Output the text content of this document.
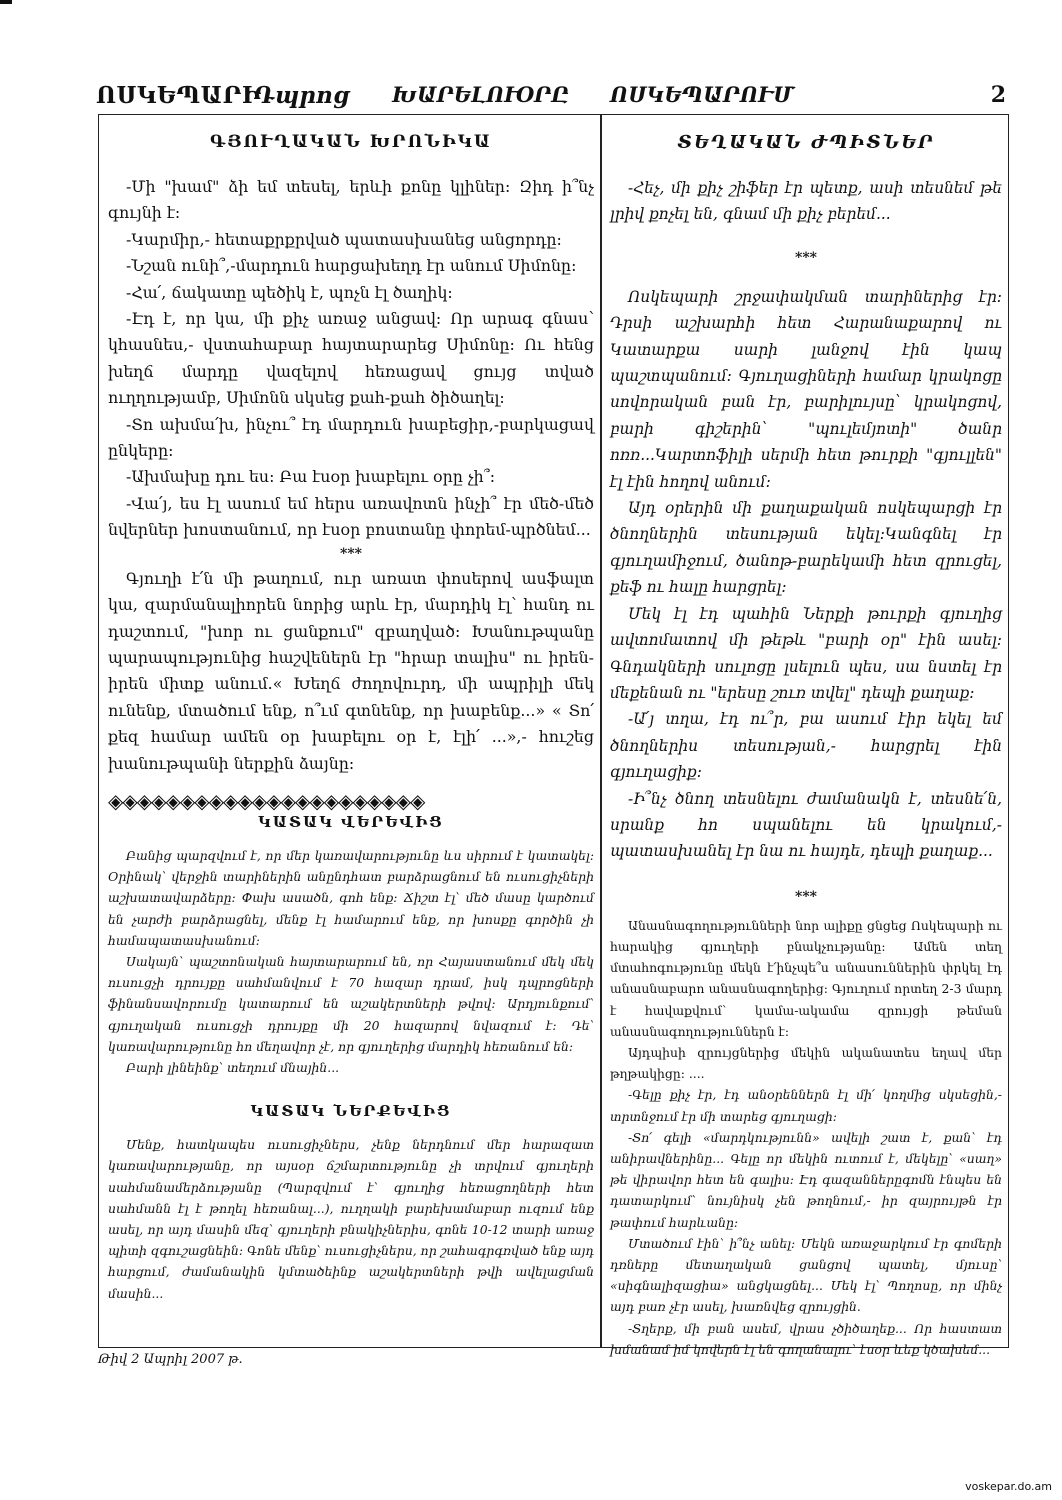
ՈՍԿԵՊԱՐԻ
Դպրոց ԽԱՐԵԼՈՒ
ՕՐԸ ՈՍԿԵՊԱՐՈՒՄ	2
ԳՅՈՒՂԱԿԱՆ ԽՐՈՆԻԿԱ

-Մի "խամ" ձի եմ տեսել, երևի քոնը կլիներ: Զիդ ի՞նչ գույնի է:

-Կարմիր,- հետաքրքրված պատասխանեց անցորդը:

-Նշան ունի՞,-մարդուն հարցախեղդ էր անում Սիմոնը:

-Հա՛, ճակատը պեծիկ է, պոչն էլ ծաղիկ:

-Էդ է, որ կա, մի քիչ առաջ անցավ: Որ արագ գնաս՝ կհասնես,- վստահաբար հայտարարեց Սիմոնը: Ու հենց խեղճ մարդը վազելով հեռացավ ցույց տված ուղղությամբ, Սիմոնն սկսեց քահ-քահ ծիծաղել:

-Տո ախմա՛խ, ինչու՞ էդ մարդուն խաբեցիր,-բարկացավ ընկերը:

-Ախմախը դու ես: Բա էսօր խաբելու օրը չի՞:

-Վա՛յ, ես էլ ասում եմ հերս առավոտն ինչի՞ էր մեծ-մեծ նվերներ խոստանում, որ էսօր բոստանը փորեմ-պրծնեմ...

***

Գյուղի է՛ն մի թաղում, ուր առատ փոսերով ասֆալտ կա, զարմանալիորեն նորից արև էր, մարդիկ էլ՝ հանդ ու դաշտում, "խոր ու ցանքում" զբաղված: Խանութպանը պարապությունից հաշվեներն էր "հրար տալիս" ու իրեն-իրեն միտք անում.« Խեղճ ժողովուրդ, մի ապրիլի մեկ ունենք, մտածում ենք, ո՞ւմ գտնենք, որ խաբենք...» « Տո՛ քեզ համար ամեն օր խաբելու օր է, էլի՛ ...»,- հուշեց խանութպանի ներքին ձայնը:

◈◈◈◈◈◈◈◈◈◈◈◈◈◈◈◈◈◈◈◈◈◈
ԿԱՏԱԿ ՎԵՐԵՎԻՑ

Բանից պարզվում է, որ մեր կառավարությունը ևս սիրում է կատակել: Օրինակ՝ վերջին տարիներին անընդհատ բարձրացնում են ուսուցիչների աշխատավարձերը: Փախ ասածն, գոհ ենք: Ճիշտ էլ՝ մեծ մասը կարծում են չարժի բարձրացնել, մենք էլ համարում ենք, որ խոսքը գործին չի համապատասխանում:

Սակայն՝ պաշտոնական հայտարարում են, որ Հայաստանում մեկ մեկ ուսուցչի դրույքը սահմանվում է 70 հազար դրամ, իսկ դպրոցների ֆինանսավորումը կատարում են աշակերտների թվով: Արդյունքում՝ գյուղական ուսուցչի դրույքը մի 20 հազարով նվազում է: Դե՝ կառավարությունը հո մեղավոր չէ, որ գյուղերից մարդիկ հեռանում են:

Բարի լինեինք՝ տեղում մնային...

ԿԱՏԱԿ ՆԵՐՔԵՎԻՑ

Մենք, հատկապես ուսուցիչներս, չենք ներդնում մեր հարազատ կառավարությանը, որ այսօր ճշմարտությունը չի տրվում գյուղերի սահմանամերձությանը (Պարզվում է՝ գյուղից հեռացողների հետ սահմանն էլ է թողել հեռանալ...), ուղղակի բարեխամաբար ուզում ենք ասել, որ այդ մասին մեզ՝ գյուղերի բնակիչներիս, գոնե 10-12 տարի առաջ պիտի զգուշացնեին: Գոնե մենք՝ ուսուցիչներս, որ շահագրգռված ենք այդ հարցում, ժամանակին կմտածեինք աշակերտների թվի ավելացման մասին...

ՏԵՂԱԿԱՆ ԺՊԻՏՆԵՐ

-Հեչ, մի քիչ շիֆեր էր պետք, ասի տեսնեմ թե լրիվ քոչել են, գնամ մի քիչ բերեմ...

***

Ոսկեպարի շրջափակման տարիներից էր: Դրսի աշխարհի հետ Հարանաքարով ու Կատարքա սարի լանջով էին կապ պաշտպանում: Գյուղացիների համար կրակոցը սովորական բան էր, բարիլույսը՝ կրակոցով, բարի գիշերին՝ "պուլեմյոտի" ծանր ոռռ...Կարտոֆիլի սերմի հետ թուրքի "գյուլլեն" էլ էին հողով անում:

Այդ օրերին մի քաղաքական ոսկեպարցի էր ծնողներին տեսության եկել:Կանգնել էր գյուղամիջում, ծանոթ-բարեկամի հետ զրուցել, քեֆ ու հալը հարցրել:

Մեկ էլ էդ պահին Ներքի թուրքի գյուղից ավտոմատով մի թեթև "բարի օր" էին ասել: Գնդակների սուլոցը լսելուն պես, սա նստել էր մեքենան ու "երեսը շուռ տվել" դեպի քաղաք:

-Ա՛յ տղա, էդ ու՞ր, բա ասում էիր եկել եմ ծնողներիս տեսության,- հարցրել էին գյուղացիք:

-Ի՞նչ ծնող տեսնելու ժամանակն է, տեսնե՛ն, սրանք հո սպանելու են կրակում,- պատասխանել էր նա ու հայդե, դեպի քաղաք...

***

Անասնագողությունների նոր ալիքը ցնցեց Ոսկեպարի ու հարակից գյուղերի բնակչությանը: Ամեն տեղ մտահոգությունը մեկն է՛ինչպե՞ս անասուններին փրկել էդ անասնաբարո անասնագողերից: Գյուղում որտեղ 2-3 մարդ է հավաքվում՝ կամա-ակամա զրույցի թեման անասնագողություններն է:

Այդպիսի զրույցներից մեկին ականատես եղավ մեր թղթակիցը: ....

-Գելը քիչ էր, էդ անօրեններն էլ մի՛ կողմից սկսեցին,- տրտնջում էր մի տարեց գյուղացի:

-Տո՛ գելի «մարդկությունն» ավելի շատ է, քան՝ էդ անիրավներինը... Գելը որ մեկին ուտում է, մեկելը՝ «սաղ» թե վիրավոր հետ են գալիս: Էդ գազաններըգոմն էնպես են դատարկում՝ նույնիսկ չեն թողնում,- իր զայրույթն էր թափում հարևանը:

Մտածում էին՝ ի՞նչ անել: Մեկն առաջարկում էր գոմերի դռները մետաղական ցանցով պատել, մյուսը՝ «սիգնալիզացիա» անցկացնել... Մեկ էլ՝ Պողոսը, որ մինչ այդ բառ չէր ասել, խառնվեց զրույցին.

-Տղերք, մի բան ասեմ, վրաս չծիծաղեք... Որ հաստատ խմանամ իմ կովերն էլ են գողանալու՝ էսօր ևեք կծախեմ...

Թիվ 2 Ապրիլ 2007 թ.
voskepar.do.am
